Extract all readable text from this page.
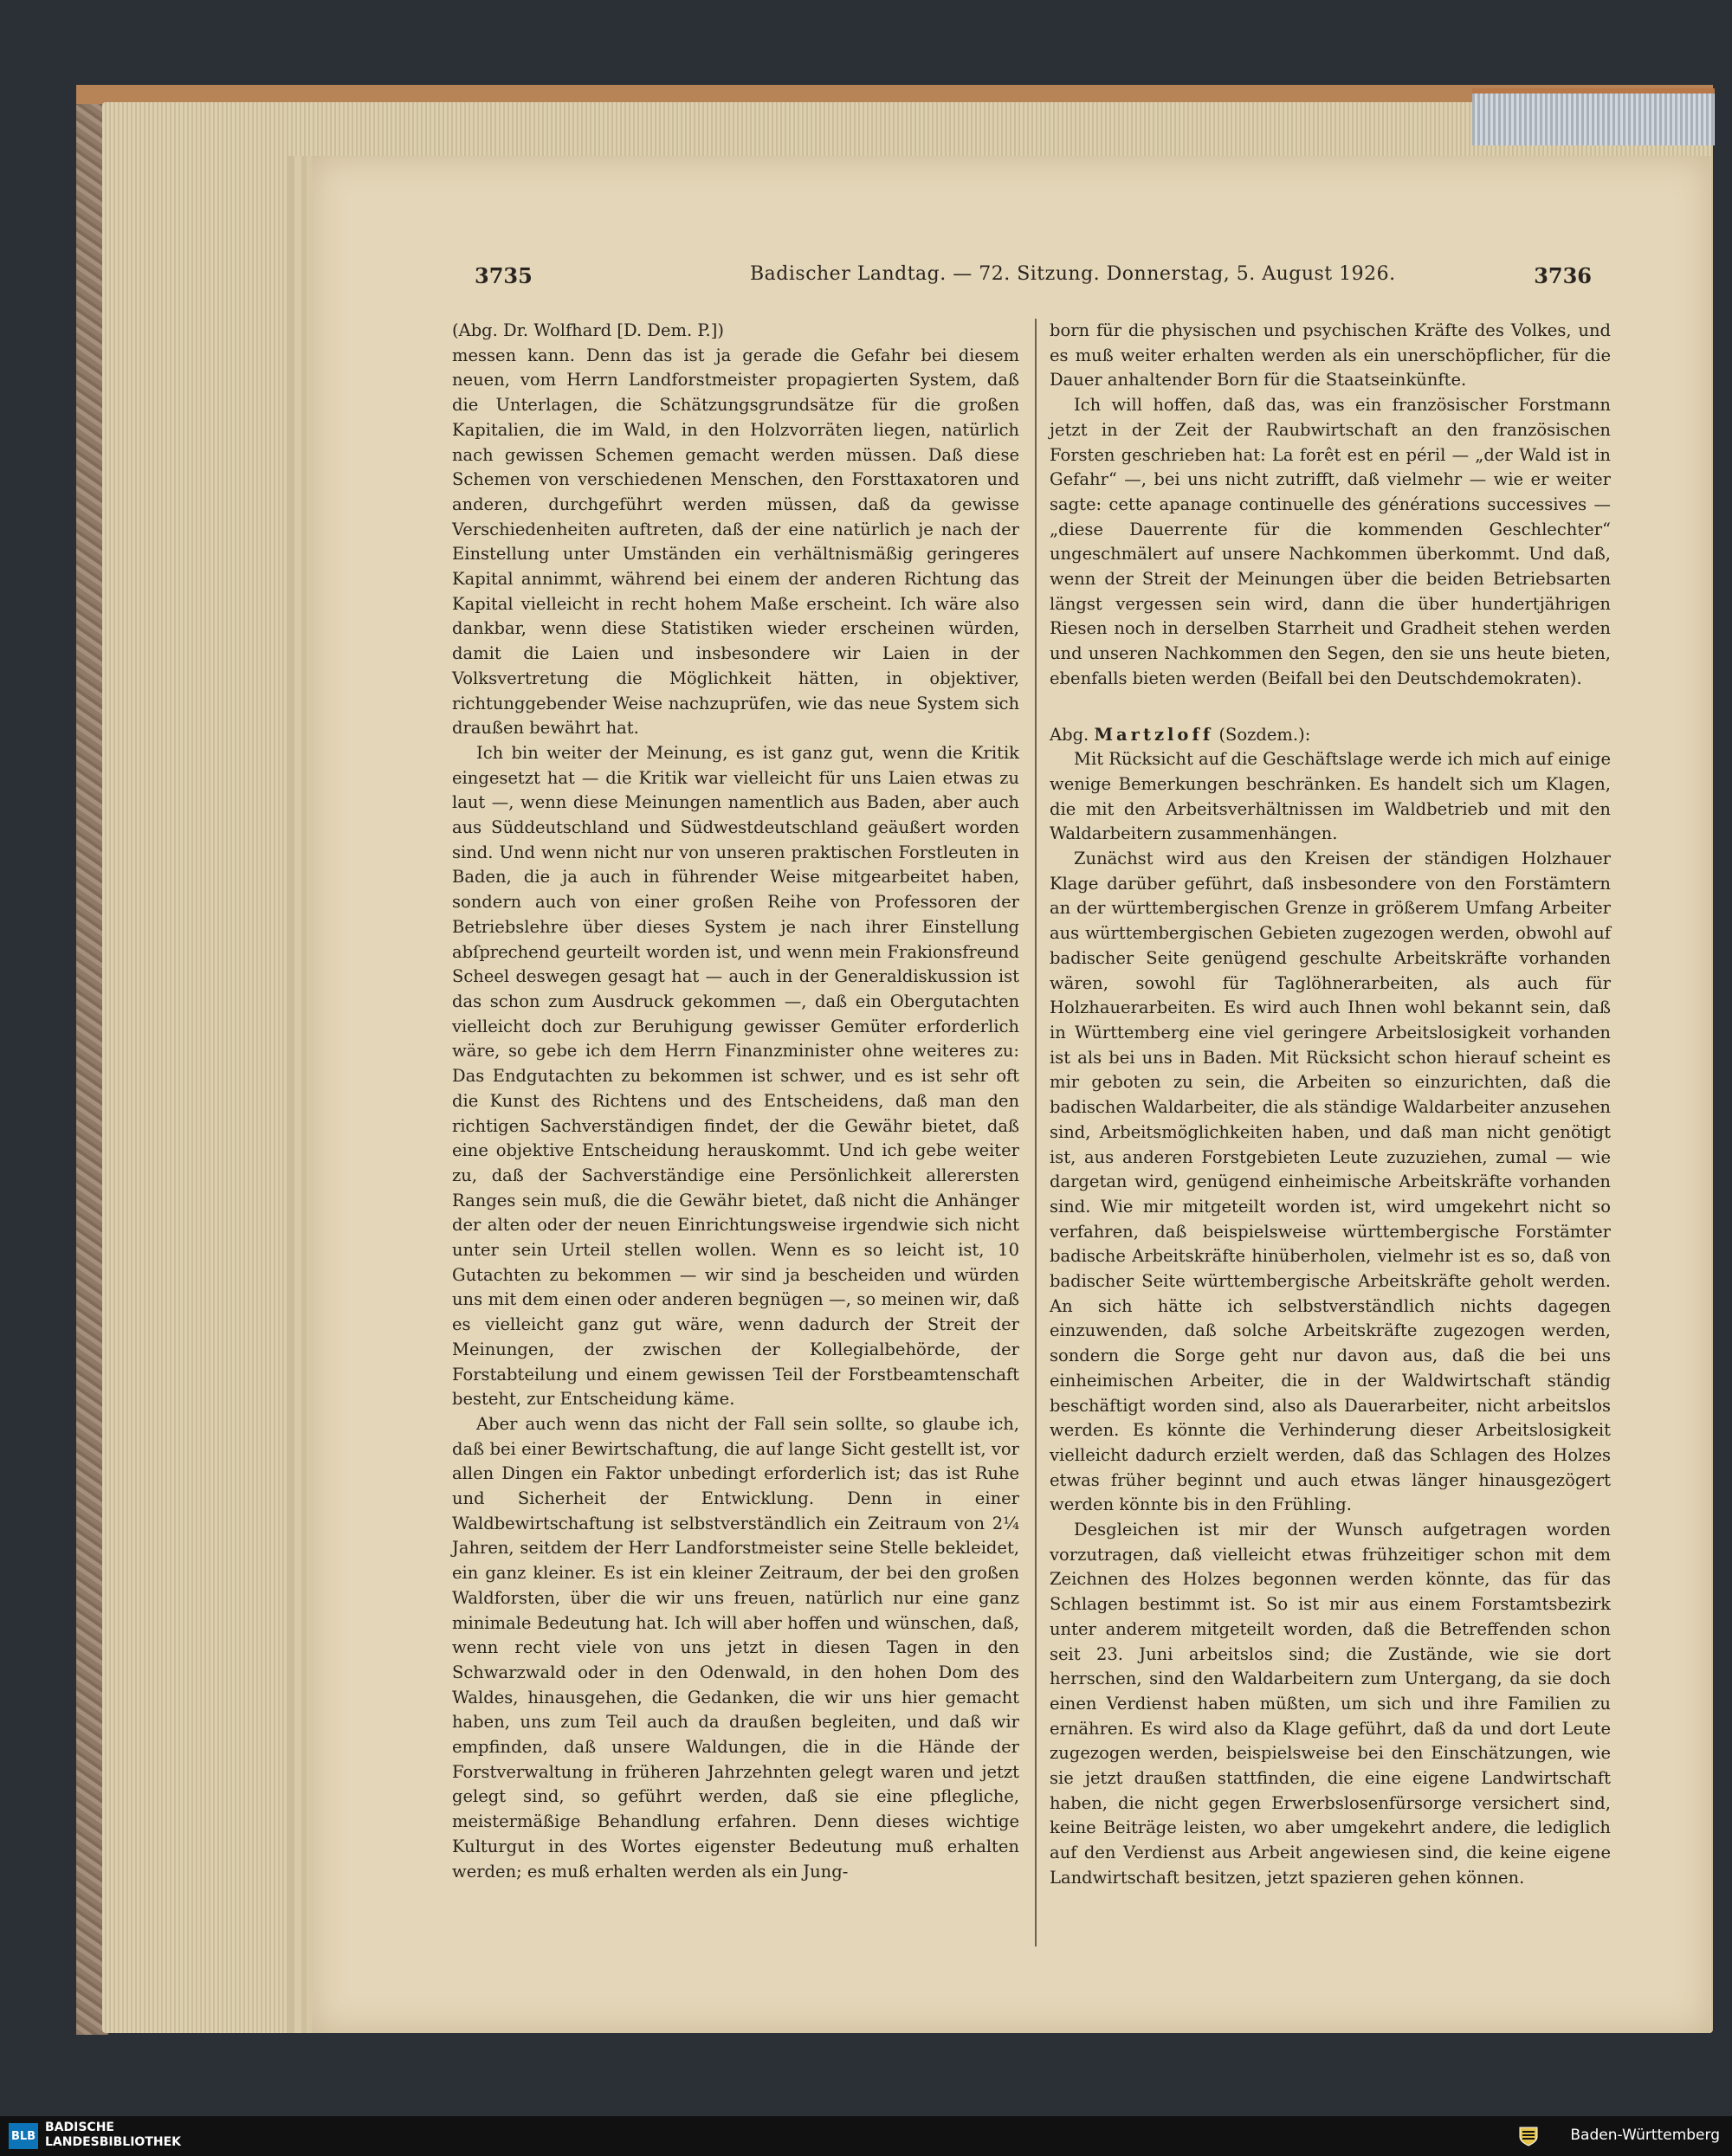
3735	Badischer Landtag. — 72. Sitzung. Donnerstag, 5. August 1926.	3736

(Abg. Dr. Wolfhard [D. Dem. P.])

messen kann. Denn das ist ja gerade die Gefahr bei diesem neuen, vom Herrn Landforstmeister propagierten System, daß die Unterlagen, die Schätzungsgrundsätze für die großen Kapitalien, die im Wald, in den Holzvorräten liegen, natürlich nach gewissen Schemen gemacht werden müssen. Daß diese Schemen von verschiedenen Menschen, den Forsttaxatoren und anderen, durchgeführt werden müssen, daß da gewisse Verschiedenheiten auftreten, daß der eine natürlich je nach der Einstellung unter Umständen ein verhältnismäßig geringeres Kapital annimmt, während bei einem der anderen Richtung das Kapital vielleicht in recht hohem Maße erscheint. Ich wäre also dankbar, wenn diese Statistiken wieder erscheinen würden, damit die Laien und insbesondere wir Laien in der Volksvertretung die Möglichkeit hätten, in objektiver, richtunggebender Weise nachzuprüfen, wie das neue System sich draußen bewährt hat.

Ich bin weiter der Meinung, es ist ganz gut, wenn die Kritik eingesetzt hat — die Kritik war vielleicht für uns Laien etwas zu laut —, wenn diese Meinungen namentlich aus Baden, aber auch aus Süddeutschland und Südwestdeutschland geäußert worden sind. Und wenn nicht nur von unseren praktischen Forstleuten in Baden, die ja auch in führender Weise mitgearbeitet haben, sondern auch von einer großen Reihe von Professoren der Betriebslehre über dieses System je nach ihrer Einstellung abſprechend geurteilt worden ist, und wenn mein Frakionsfreund Scheel deswegen gesagt hat — auch in der Generaldiskussion ist das schon zum Ausdruck gekommen —, daß ein Obergutachten vielleicht doch zur Beruhigung gewisser Gemüter erforderlich wäre, so gebe ich dem Herrn Finanzminister ohne weiteres zu: Das Endgutachten zu bekommen ist schwer, und es ist sehr oft die Kunst des Richtens und des Entscheidens, daß man den richtigen Sachverständigen findet, der die Gewähr bietet, daß eine objektive Entscheidung herauskommt. Und ich gebe weiter zu, daß der Sachverständige eine Persönlichkeit allerersten Ranges sein muß, die die Gewähr bietet, daß nicht die Anhänger der alten oder der neuen Einrichtungsweise irgendwie sich nicht unter sein Urteil stellen wollen. Wenn es so leicht ist, 10 Gutachten zu bekommen — wir sind ja bescheiden und würden uns mit dem einen oder anderen begnügen —, so meinen wir, daß es vielleicht ganz gut wäre, wenn dadurch der Streit der Meinungen, der zwischen der Kollegialbehörde, der Forstabteilung und einem gewissen Teil der Forstbeamtenschaft besteht, zur Entscheidung käme.

Aber auch wenn das nicht der Fall sein sollte, so glaube ich, daß bei einer Bewirtschaftung, die auf lange Sicht gestellt ist, vor allen Dingen ein Faktor unbedingt erforderlich ist; das ist Ruhe und Sicherheit der Entwicklung. Denn in einer Waldbewirtschaftung ist selbstverständlich ein Zeitraum von 2¼ Jahren, seitdem der Herr Landforstmeister seine Stelle bekleidet, ein ganz kleiner. Es ist ein kleiner Zeitraum, der bei den großen Waldforsten, über die wir uns freuen, natürlich nur eine ganz minimale Bedeutung hat. Ich will aber hoffen und wünschen, daß, wenn recht viele von uns jetzt in diesen Tagen in den Schwarzwald oder in den Odenwald, in den hohen Dom des Waldes, hinausgehen, die Gedanken, die wir uns hier gemacht haben, uns zum Teil auch da draußen begleiten, und daß wir empfinden, daß unsere Waldungen, die in die Hände der Forstverwaltung in früheren Jahrzehnten gelegt waren und jetzt gelegt sind, so geführt werden, daß sie eine pflegliche, meistermäßige Behandlung erfahren. Denn dieses wichtige Kulturgut in des Wortes eigenster Bedeutung muß erhalten werden; es muß erhalten werden als ein Jung-

born für die physischen und psychischen Kräfte des Volkes, und es muß weiter erhalten werden als ein unerschöpflicher, für die Dauer anhaltender Born für die Staatseinkünfte.

Ich will hoffen, daß das, was ein französischer Forstmann jetzt in der Zeit der Raubwirtschaft an den französischen Forsten geschrieben hat: La forêt est en péril — „der Wald ist in Gefahr“ —, bei uns nicht zutrifft, daß vielmehr — wie er weiter sagte: cette apanage continuelle des générations successives — „diese Dauerrente für die kommenden Geschlechter“ ungeschmälert auf unsere Nachkommen überkommt. Und daß, wenn der Streit der Meinungen über die beiden Betriebsarten längst vergessen sein wird, dann die über hundertjährigen Riesen noch in derselben Starrheit und Gradheit stehen werden und unseren Nachkommen den Segen, den sie uns heute bieten, ebenfalls bieten werden (Beifall bei den Deutschdemokraten).

Abg. Martzloff (Sozdem.):

Mit Rücksicht auf die Geschäftslage werde ich mich auf einige wenige Bemerkungen beschränken. Es handelt sich um Klagen, die mit den Arbeitsverhältnissen im Waldbetrieb und mit den Waldarbeitern zusammenhängen.

Zunächst wird aus den Kreisen der ständigen Holzhauer Klage darüber geführt, daß insbesondere von den Forstämtern an der württembergischen Grenze in größerem Umfang Arbeiter aus württembergischen Gebieten zugezogen werden, obwohl auf badischer Seite genügend geschulte Arbeitskräfte vorhanden wären, sowohl für Taglöhnerarbeiten, als auch für Holzhauerarbeiten. Es wird auch Ihnen wohl bekannt sein, daß in Württemberg eine viel geringere Arbeitslosigkeit vorhanden ist als bei uns in Baden. Mit Rücksicht schon hierauf scheint es mir geboten zu sein, die Arbeiten so einzurichten, daß die badischen Waldarbeiter, die als ständige Waldarbeiter anzusehen sind, Arbeitsmöglichkeiten haben, und daß man nicht genötigt ist, aus anderen Forstgebieten Leute zuzuziehen, zumal — wie dargetan wird, genügend einheimische Arbeitskräfte vorhanden sind. Wie mir mitgeteilt worden ist, wird umgekehrt nicht so verfahren, daß beispielsweise württembergische Forstämter badische Arbeitskräfte hinüberholen, vielmehr ist es so, daß von badischer Seite württembergische Arbeitskräfte geholt werden. An sich hätte ich selbstverständlich nichts dagegen einzuwenden, daß solche Arbeitskräfte zugezogen werden, sondern die Sorge geht nur davon aus, daß die bei uns einheimischen Arbeiter, die in der Waldwirtschaft ständig beschäftigt worden sind, also als Dauerarbeiter, nicht arbeitslos werden. Es könnte die Verhinderung dieser Arbeitslosigkeit vielleicht dadurch erzielt werden, daß das Schlagen des Holzes etwas früher beginnt und auch etwas länger hinausgezögert werden könnte bis in den Frühling.

Desgleichen ist mir der Wunsch aufgetragen worden vorzutragen, daß vielleicht etwas frühzeitiger schon mit dem Zeichnen des Holzes begonnen werden könnte, das für das Schlagen bestimmt ist. So ist mir aus einem Forstamtsbezirk unter anderem mitgeteilt worden, daß die Betreffenden schon seit 23. Juni arbeitslos sind; die Zustände, wie sie dort herrschen, sind den Waldarbeitern zum Untergang, da sie doch einen Verdienst haben müßten, um sich und ihre Familien zu ernähren. Es wird also da Klage geführt, daß da und dort Leute zugezogen werden, beispielsweise bei den Einschätzungen, wie sie jetzt draußen stattfinden, die eine eigene Landwirtschaft haben, die nicht gegen Erwerbslosenfürsorge versichert sind, keine Beiträge leisten, wo aber umgekehrt andere, die lediglich auf den Verdienst aus Arbeit angewiesen sind, die keine eigene Landwirtschaft besitzen, jetzt spazieren gehen können.

BLB
BADISCHE
LANDESBIBLIOTHEK	Baden-Württemberg
